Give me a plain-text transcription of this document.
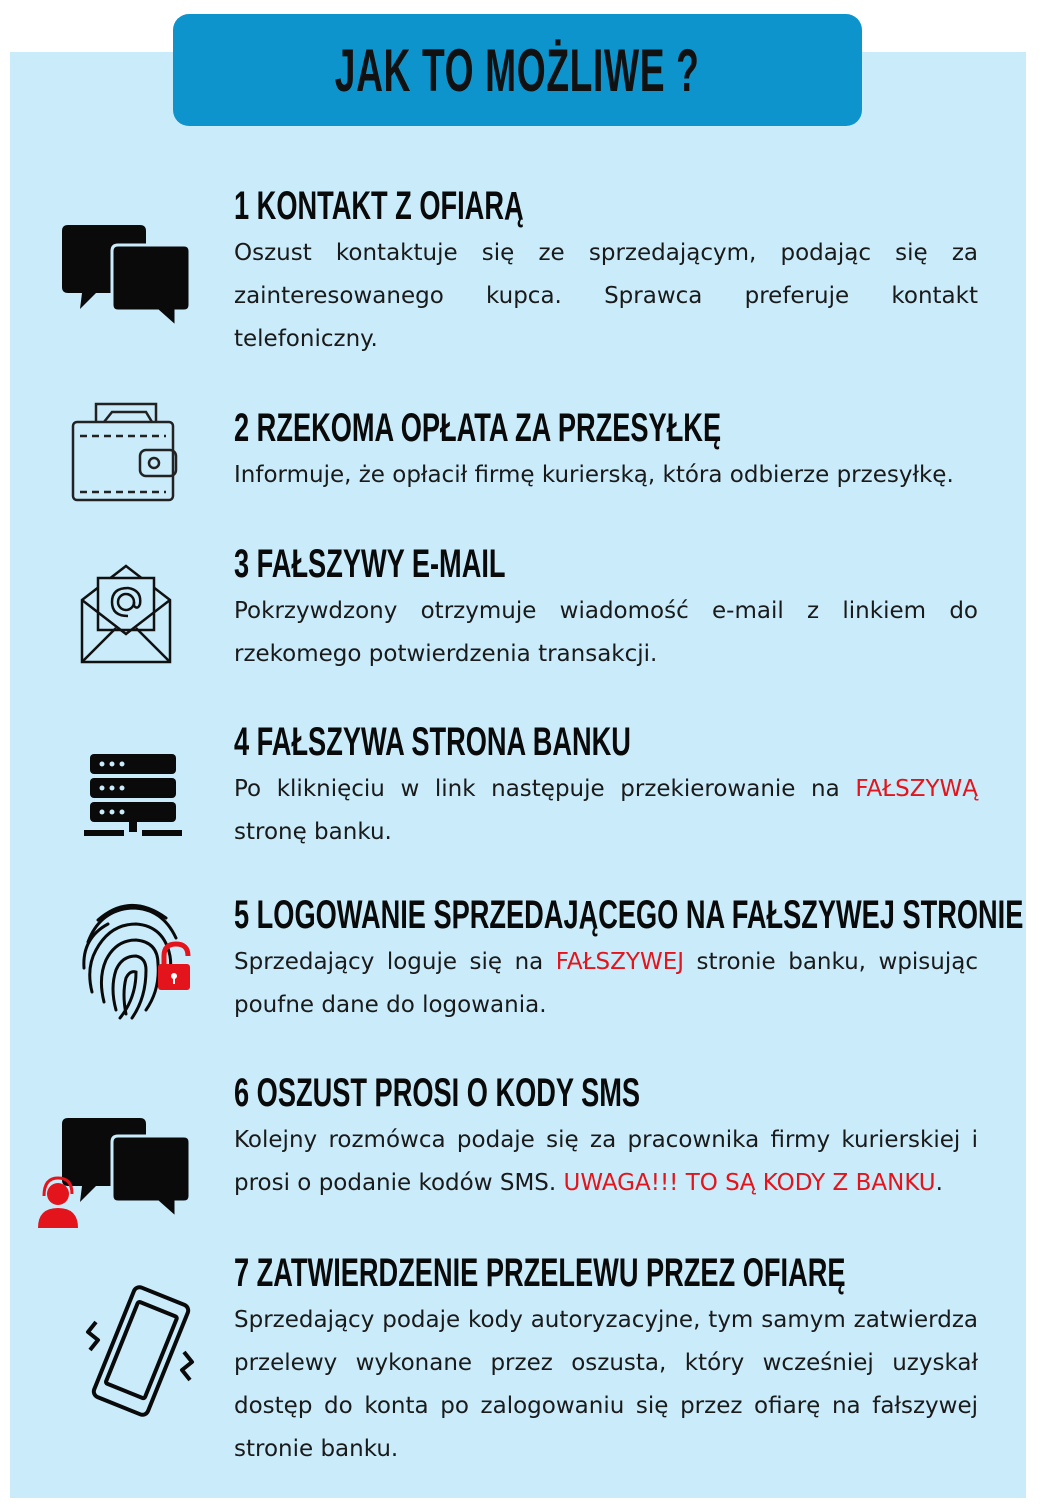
JAK TO MOŻLIWE ?
1 KONTAKT Z OFIARĄ
Oszust kontaktuje się ze sprzedającym, podając się za zainteresowanego kupca. Sprawca preferuje kontakt telefoniczny.
2 RZEKOMA OPŁATA ZA PRZESYŁKĘ
Informuje, że opłacił firmę kurierską, która odbierze przesyłkę.
3 FAŁSZYWY E-MAIL
Pokrzywdzony otrzymuje wiadomość e-mail z linkiem do rzekomego potwierdzenia transakcji.
4 FAŁSZYWA STRONA BANKU
Po kliknięciu w link następuje przekierowanie na FAŁSZYWĄ stronę banku.
5 LOGOWANIE SPRZEDAJĄCEGO NA FAŁSZYWEJ STRONIE
Sprzedający loguje się na FAŁSZYWEJ stronie banku, wpisując poufne dane do logowania.
6 OSZUST PROSI O KODY SMS
Kolejny rozmówca podaje się za pracownika firmy kurierskiej i prosi o podanie kodów SMS. UWAGA!!! TO SĄ KODY Z BANKU.
7 ZATWIERDZENIE PRZELEWU PRZEZ OFIARĘ
Sprzedający podaje kody autoryzacyjne, tym samym zatwierdza przelewy wykonane przez oszusta, który wcześniej uzyskał dostęp do konta po zalogowaniu się przez ofiarę na fałszywej stronie banku.
